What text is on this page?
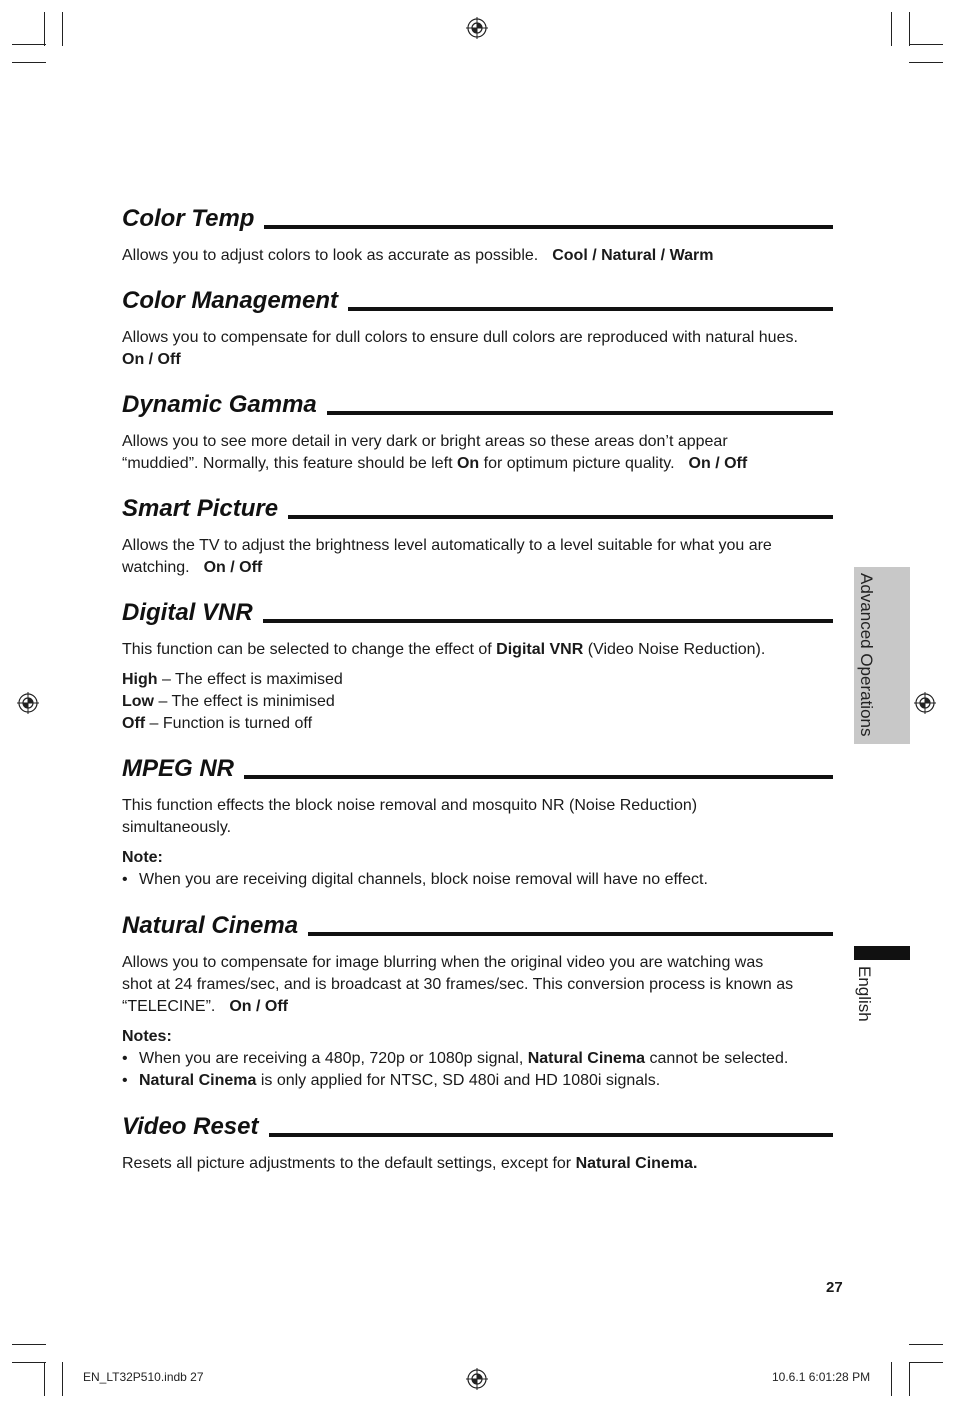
Color Temp

Allows you to adjust colors to look as accurate as possible. Cool / Natural / Warm

Color Management

Allows you to compensate for dull colors to ensure dull colors are reproduced with natural hues.

On / Off

Dynamic Gamma

Allows you to see more detail in very dark or bright areas so these areas don’t appear

“muddied”. Normally, this feature should be left On for optimum picture quality. On / Off

Smart Picture

Allows the TV to adjust the brightness level automatically to a level suitable for what you are

watching. On / Off

Digital VNR

This function can be selected to change the effect of Digital VNR (Video Noise Reduction).

High – The effect is maximised

Low – The effect is minimised

Off – Function is turned off

MPEG NR

This function effects the block noise removal and mosquito NR (Noise Reduction)

simultaneously.

Note:

• When you are receiving digital channels, block noise removal will have no effect.

Natural Cinema

Allows you to compensate for image blurring when the original video you are watching was

shot at 24 frames/sec, and is broadcast at 30 frames/sec. This conversion process is known as

“TELECINE”. On / Off

Notes:

• When you are receiving a 480p, 720p or 1080p signal, Natural Cinema cannot be selected.

• Natural Cinema is only applied for NTSC, SD 480i and HD 1080i signals.

Video Reset

Resets all picture adjustments to the default settings, except for Natural Cinema.

Advanced Operations
English
27
EN_LT32P510.indb 27	10.6.1 6:01:28 PM
